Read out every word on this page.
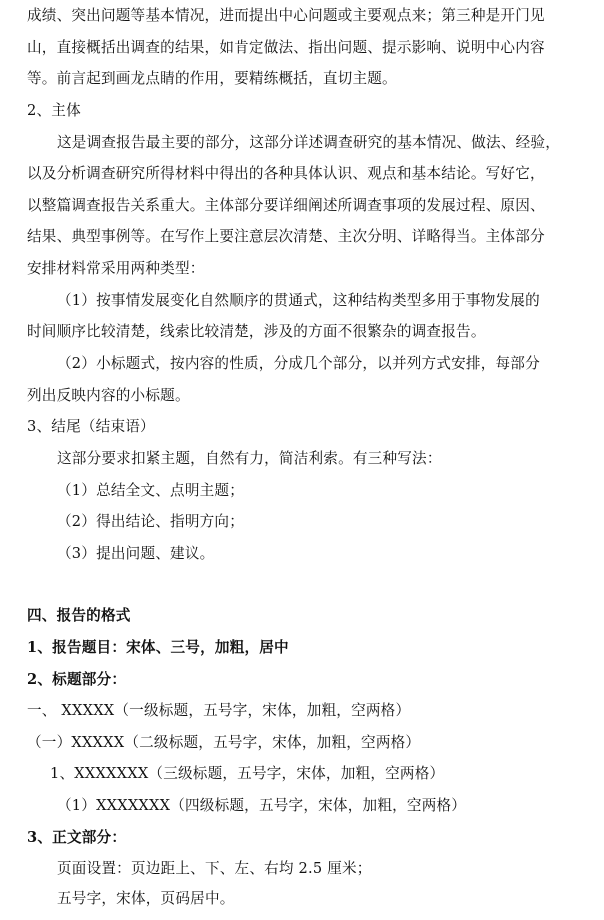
成绩、突出问题等基本情况，进而提出中心问题或主要观点来；第三种是开门见
山，直接概括出调查的结果，如肯定做法、指出问题、提示影响、说明中心内容
等。前言起到画龙点睛的作用，要精练概括，直切主题。
2、主体
这是调查报告最主要的部分，这部分详述调查研究的基本情况、做法、经验，
以及分析调查研究所得材料中得出的各种具体认识、观点和基本结论。写好它，
以整篇调查报告关系重大。主体部分要详细阐述所调查事项的发展过程、原因、
结果、典型事例等。在写作上要注意层次清楚、主次分明、详略得当。主体部分
安排材料常采用两种类型：
（1）按事情发展变化自然顺序的贯通式，这种结构类型多用于事物发展的
时间顺序比较清楚，线索比较清楚，涉及的方面不很繁杂的调查报告。
（2）小标题式，按内容的性质，分成几个部分，以并列方式安排，每部分
列出反映内容的小标题。
3、结尾（结束语）
这部分要求扣紧主题，自然有力，简洁利索。有三种写法：
（1）总结全文、点明主题；
（2）得出结论、指明方向；
（3）提出问题、建议。
四、报告的格式
1、报告题目：宋体、三号，加粗，居中
2、标题部分：
一、 XXXXX（一级标题，五号字，宋体，加粗，空两格）
（一）XXXXX（二级标题，五号字，宋体，加粗，空两格）
1、XXXXXXX（三级标题，五号字，宋体，加粗，空两格）
（1）XXXXXXX（四级标题，五号字，宋体，加粗，空两格）
3、正文部分：
页面设置：页边距上、下、左、右均 2.5 厘米；
五号字，宋体，页码居中。
